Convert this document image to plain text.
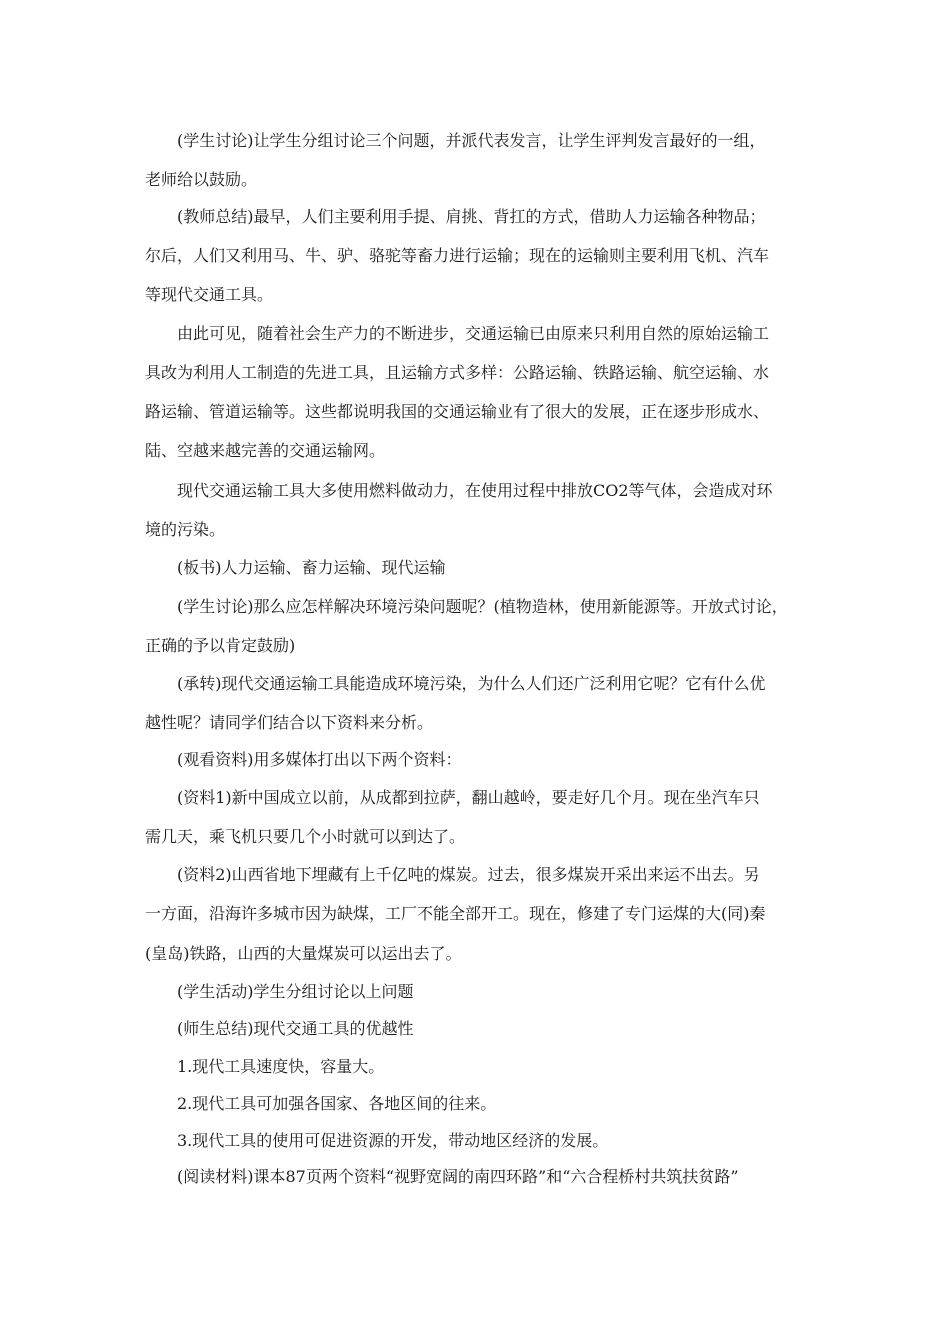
(学生讨论)让学生分组讨论三个问题，并派代表发言，让学生评判发言最好的一组，
老师给以鼓励。
(教师总结)最早，人们主要利用手提、肩挑、背扛的方式，借助人力运输各种物品；
尔后，人们又利用马、牛、驴、骆驼等畜力进行运输；现在的运输则主要利用飞机、汽车
等现代交通工具。
由此可见，随着社会生产力的不断进步，交通运输已由原来只利用自然的原始运输工
具改为利用人工制造的先进工具，且运输方式多样：公路运输、铁路运输、航空运输、水
路运输、管道运输等。这些都说明我国的交通运输业有了很大的发展，正在逐步形成水、
陆、空越来越完善的交通运输网。
现代交通运输工具大多使用燃料做动力，在使用过程中排放CO2等气体，会造成对环
境的污染。
(板书)人力运输、畜力运输、现代运输
(学生讨论)那么应怎样解决环境污染问题呢？(植物造林，使用新能源等。开放式讨论，
正确的予以肯定鼓励)
(承转)现代交通运输工具能造成环境污染，为什么人们还广泛利用它呢？它有什么优
越性呢？请同学们结合以下资料来分析。
(观看资料)用多媒体打出以下两个资料：
(资料1)新中国成立以前，从成都到拉萨，翻山越岭，要走好几个月。现在坐汽车只
需几天，乘飞机只要几个小时就可以到达了。
(资料2)山西省地下埋藏有上千亿吨的煤炭。过去，很多煤炭开采出来运不出去。另
一方面，沿海许多城市因为缺煤，工厂不能全部开工。现在，修建了专门运煤的大(同)秦
(皇岛)铁路，山西的大量煤炭可以运出去了。
(学生活动)学生分组讨论以上问题
(师生总结)现代交通工具的优越性
1.现代工具速度快，容量大。
2.现代工具可加强各国家、各地区间的往来。
3.现代工具的使用可促进资源的开发，带动地区经济的发展。
(阅读材料)课本87页两个资料“视野宽阔的南四环路”和“六合程桥村共筑扶贫路”
